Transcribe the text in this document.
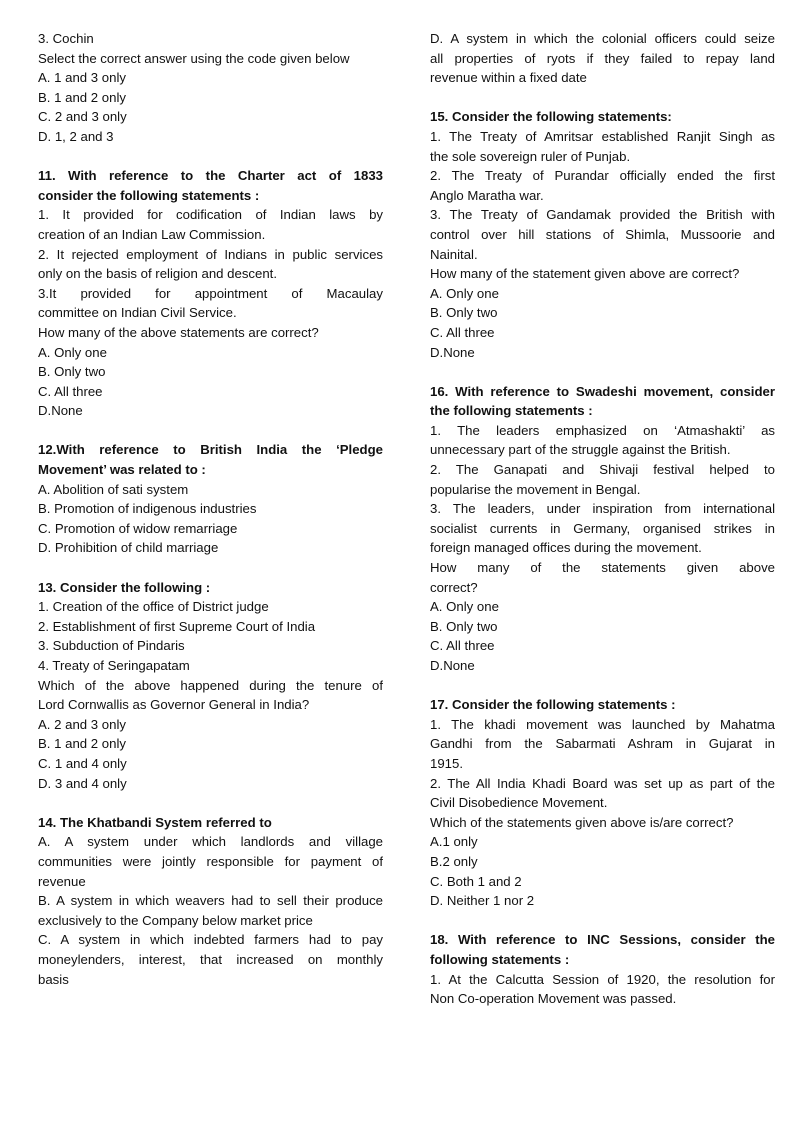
3. Cochin
Select the correct answer using the code given below
A. 1 and 3 only
B. 1 and 2 only
C. 2 and 3 only
D. 1, 2 and 3
11. With reference to the Charter act of 1833
consider the following statements :
1. It provided for codification of Indian laws by
creation of an Indian Law Commission.
2. It rejected employment of Indians in public services
only on the basis of religion and descent.
3.It provided for appointment of Macaulay
committee on Indian Civil Service.
How many of the above statements are correct?
A. Only one
B. Only two
C. All three
D.None
12.With reference to British India the ‘Pledge
Movement’ was related to :
A. Abolition of sati system
B. Promotion of indigenous industries
C. Promotion of widow remarriage
D. Prohibition of child marriage
13. Consider the following :
1. Creation of the office of District judge
2. Establishment of first Supreme Court of India
3. Subduction of Pindaris
4. Treaty of Seringapatam
Which of the above happened during the tenure of
Lord Cornwallis as Governor General in India?
A. 2 and 3 only
B. 1 and 2 only
C. 1 and 4 only
D. 3 and 4 only
14. The Khatbandi System referred to
A. A system under which landlords and village
communities were jointly responsible for payment of
revenue
B. A system in which weavers had to sell their produce
exclusively to the Company below market price
C. A system in which indebted farmers had to pay
moneylenders, interest, that increased on monthly
basis
D. A system in which the colonial officers could seize
all properties of ryots if they failed to repay land
revenue within a fixed date
15. Consider the following statements:
1. The Treaty of Amritsar established Ranjit Singh as
the sole sovereign ruler of Punjab.
2. The Treaty of Purandar officially ended the first
Anglo Maratha war.
3. The Treaty of Gandamak provided the British with
control over hill stations of Shimla, Mussoorie and
Nainital.
How many of the statement given above are correct?
A. Only one
B. Only two
C. All three
D.None
16. With reference to Swadeshi movement, consider
the following statements :
1. The leaders emphasized on ‘Atmashakti’ as
unnecessary part of the struggle against the British.
2. The Ganapati and Shivaji festival helped to
popularise the movement in Bengal.
3. The leaders, under inspiration from international
socialist currents in Germany, organised strikes in
foreign managed offices during the movement.
How many of the statements given above
correct?
A. Only one
B. Only two
C. All three
D.None
17. Consider the following statements :
1. The khadi movement was launched by Mahatma
Gandhi from the Sabarmati Ashram in Gujarat in
1915.
2. The All India Khadi Board was set up as part of the
Civil Disobedience Movement.
Which of the statements given above is/are correct?
A.1 only
B.2 only
C. Both 1 and 2
D. Neither 1 nor 2
18. With reference to INC Sessions, consider the
following statements :
1. At the Calcutta Session of 1920, the resolution for
Non Co-operation Movement was passed.
